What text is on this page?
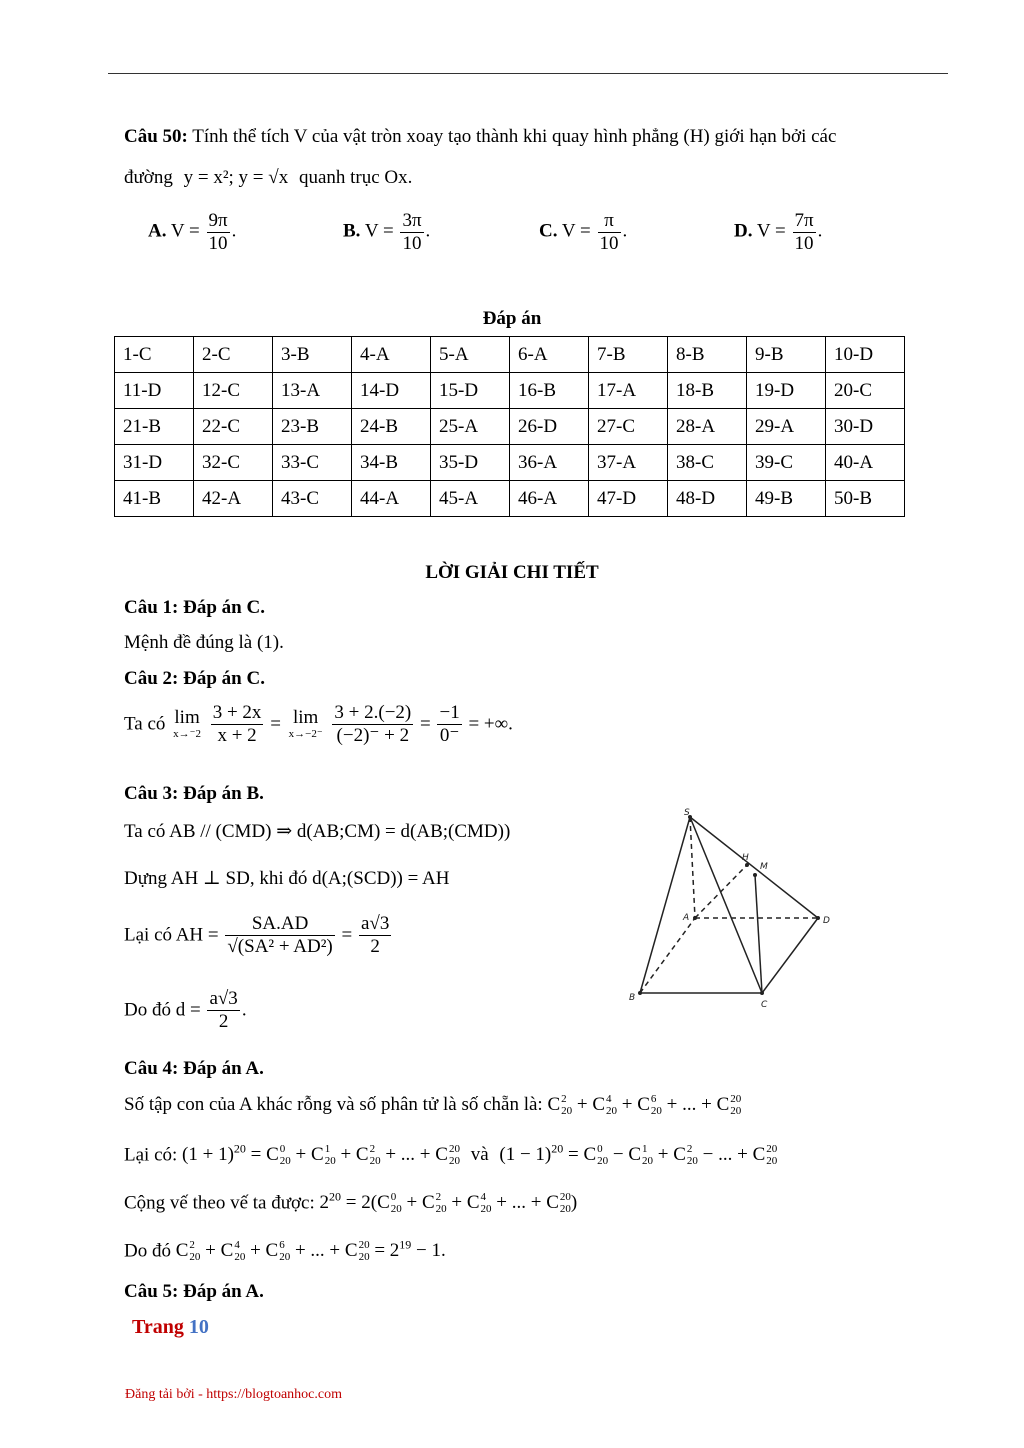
Câu 50: Tính thể tích V của vật tròn xoay tạo thành khi quay hình phẳng (H) giới hạn bởi các
đường y = x²; y = √x quanh trục Ox.
A. $V = \frac{9\pi}{10}$ .	B. $V = \frac{3\pi}{10}$ .	C. $V = \frac{\pi}{10}$ .	D. $V = \frac{7\pi}{10}$ .
Đáp án
1-C	2-C	3-B	4-A	5-A	6-A	7-B	8-B	9-B	10-D
11-D	12-C	13-A	14-D	15-D	16-B	17-A	18-B	19-D	20-C
21-B	22-C	23-B	24-B	25-A	26-D	27-C	28-A	29-A	30-D
31-D	32-C	33-C	34-B	35-D	36-A	37-A	38-C	39-C	40-A
41-B	42-A	43-C	44-A	45-A	46-A	47-D	48-D	49-B	50-B
LỜI GIẢI CHI TIẾT
Câu 1: Đáp án C.
Mệnh đề đúng là (1).
Câu 2: Đáp án C.
Ta có lim
x→⁻2
$\frac{3 + 2x}{x + 2} = \lim$
x→−2⁻
$\frac{3 + 2.(-2)}{(-2)^- + 2} = \frac{-1}{0^-}$ = +∞.
Câu 3: Đáp án B.
Ta có AB // (CMD) ⇒ d(AB;CM) = d(AB;(CMD))
Dựng AH ⊥ SD, khi đó d(A;(SCD)) = AH
Lại có AH = $\frac{SA.AD}{\text{√(SA² + AD²)}} = \frac{a√3}{2}$
Do đó $d = \frac{a√3}{2}$ .
S
H
M
A	D
B
C
Câu 4: Đáp án A.
Số tập con của A khác rỗng và số phân tử là số chẵn là: C 2
20 + C 4
20 + C 6
20 + ... + C 20
20
Lại có: $(1 + 1)^{20} = C$ 0
20 + C 1
20 + C 2
20 + ... + C 20
20 và $(1 - 1)^{20} = C$ 0
20 − C 1
20 + C 2
20 − ... + C 20
20
Cộng vế theo vế ta được: $2^{20} = 2(C$ 0
20 + C 2
20 + C 4
20 + ... + C 20
20 )
Do đó C 2
20 + C 4
20 + C 6
20 + ... + C 20
$20 = 2^{19} - 1$.
Câu 5: Đáp án A.
Trang 10
Đăng tải bởi - https://blogtoanhoc.com
